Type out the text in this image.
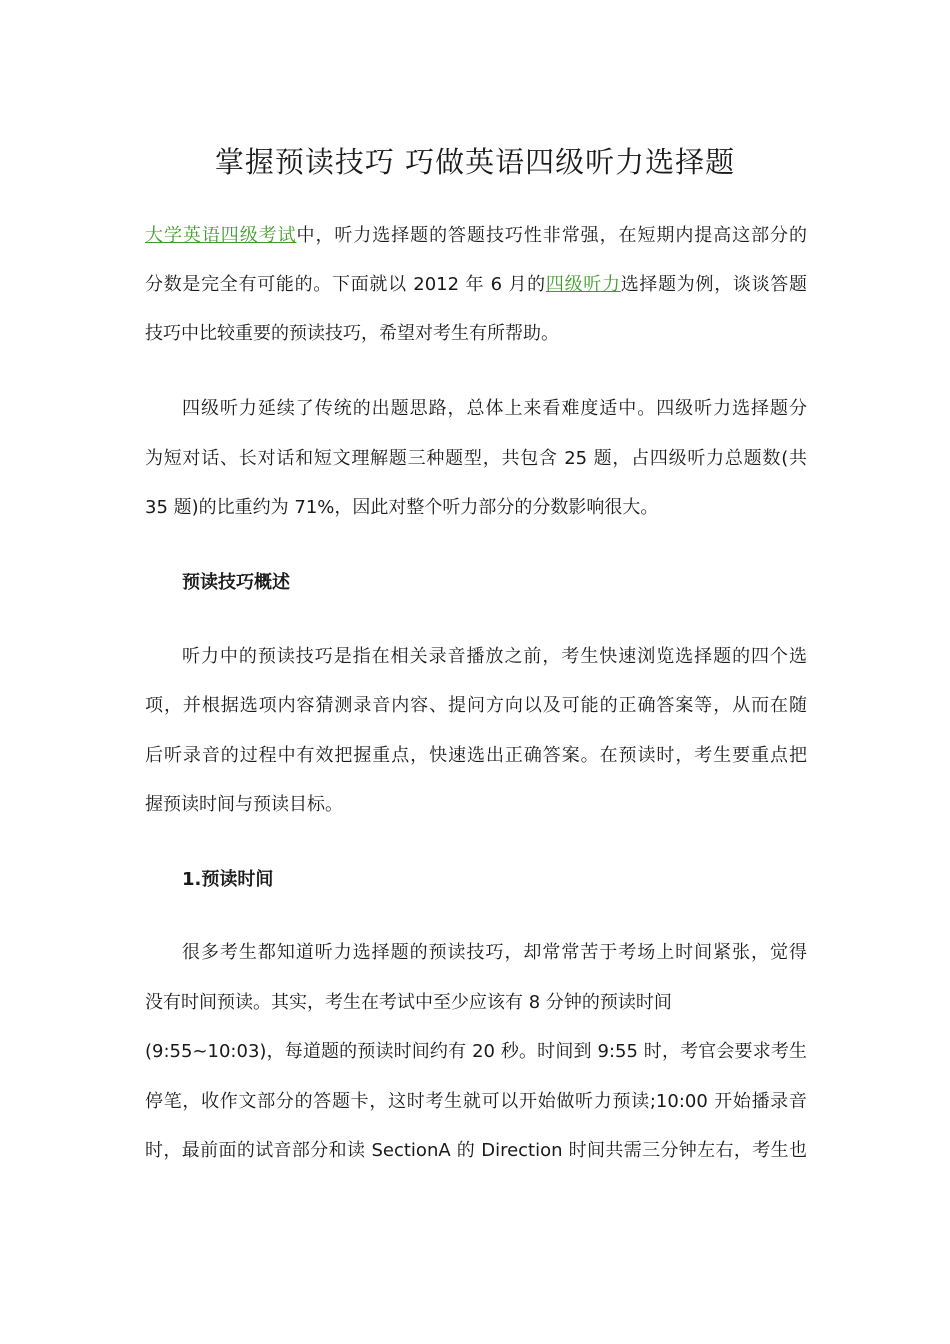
掌握预读技巧 巧做英语四级听力选择题
大学英语四级考试中，听力选择题的答题技巧性非常强，在短期内提高这部分的
分数是完全有可能的。下面就以 2012 年 6 月的四级听力选择题为例，谈谈答题
技巧中比较重要的预读技巧，希望对考生有所帮助。
四级听力延续了传统的出题思路，总体上来看难度适中。四级听力选择题分
为短对话、长对话和短文理解题三种题型，共包含 25 题，占四级听力总题数(共
35 题)的比重约为 71%，因此对整个听力部分的分数影响很大。
预读技巧概述
听力中的预读技巧是指在相关录音播放之前，考生快速浏览选择题的四个选
项，并根据选项内容猜测录音内容、提问方向以及可能的正确答案等，从而在随
后听录音的过程中有效把握重点，快速选出正确答案。在预读时，考生要重点把
握预读时间与预读目标。
1.预读时间
很多考生都知道听力选择题的预读技巧，却常常苦于考场上时间紧张，觉得
没有时间预读。其实，考生在考试中至少应该有 8 分钟的预读时间
(9:55~10:03)，每道题的预读时间约有 20 秒。时间到 9:55 时，考官会要求考生
停笔，收作文部分的答题卡，这时考生就可以开始做听力预读;10:00 开始播录音
时，最前面的试音部分和读 SectionA 的 Direction 时间共需三分钟左右，考生也
